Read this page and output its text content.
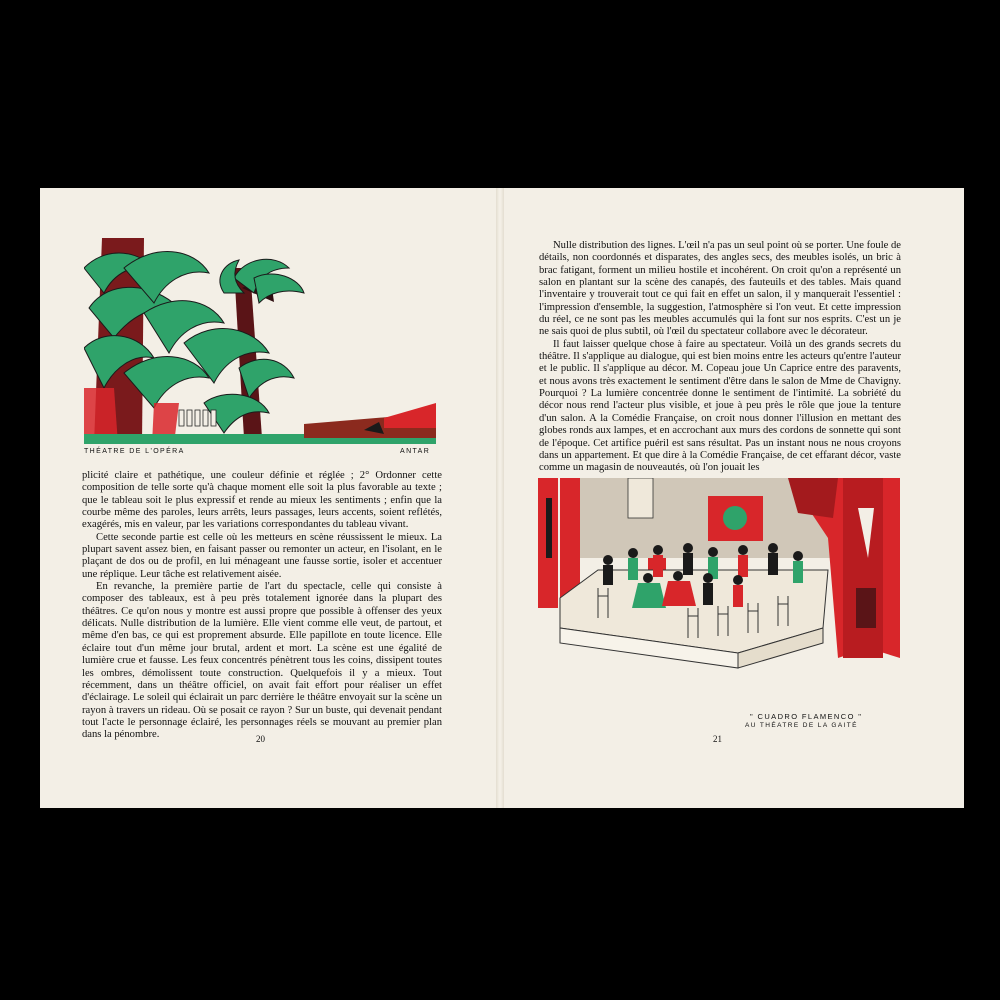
THÉATRE DE L'OPÉRA	ANTAR

plicité claire et pathétique, une couleur définie et réglée ; 2° Ordonner cette composition de telle sorte qu'à chaque moment elle soit la plus favorable au texte ; que le tableau soit le plus expressif et rende au mieux les sentiments ; enfin que la courbe même des paroles, leurs arrêts, leurs passages, leurs accents, soient reflétés, exagérés, mis en valeur, par les variations correspondantes du tableau vivant.

Cette seconde partie est celle où les metteurs en scène réussissent le mieux. La plupart savent assez bien, en faisant passer ou remonter un acteur, en l'isolant, en le plaçant de dos ou de profil, en lui ménageant une fausse sortie, isoler et accentuer une réplique. Leur tâche est relativement aisée.

En revanche, la première partie de l'art du spectacle, celle qui consiste à composer des tableaux, est à peu près totalement ignorée dans la plupart des théâtres. Ce qu'on nous y montre est aussi propre que possible à offenser des yeux délicats. Nulle distribution de la lumière. Elle vient comme elle veut, de partout, et même d'en bas, ce qui est proprement absurde. Elle papillote en toute licence. Elle éclaire tout d'un même jour brutal, ardent et mort. La scène est une égalité de lumière crue et fausse. Les feux concentrés pénètrent tous les coins, dissipent toutes les ombres, démolissent toute construction. Quelquefois il y a mieux. Tout récemment, dans un théâtre officiel, on avait fait effort pour réaliser un effet d'éclairage. Le soleil qui éclairait un parc derrière le théâtre envoyait sur la scène un rayon à travers un rideau. Où se posait ce rayon ? Sur un buste, qui devenait pendant tout l'acte le personnage éclairé, les personnages réels se mouvant au premier plan dans la pénombre.	20

Nulle distribution des lignes. L'œil n'a pas un seul point où se porter. Une foule de détails, non coordonnés et disparates, des angles secs, des meubles isolés, un bric à brac fatigant, forment un milieu hostile et incohérent. On croit qu'on a représenté un salon en plantant sur la scène des canapés, des fauteuils et des tables. Mais quand l'inventaire y trouverait tout ce qui fait en effet un salon, il y manquerait l'essentiel : l'impression d'ensemble, la suggestion, l'atmosphère si l'on veut. Et cette impression du réel, ce ne sont pas les meubles accumulés qui la font sur nos esprits. C'est un je ne sais quoi de plus subtil, où l'œil du spectateur collabore avec le décorateur.

Il faut laisser quelque chose à faire au spectateur. Voilà un des grands secrets du théâtre. Il s'applique au dialogue, qui est bien moins entre les acteurs qu'entre l'auteur et le public. Il s'applique au décor. M. Copeau joue Un Caprice entre des paravents, et nous avons très exactement le sentiment d'être dans le salon de Mme de Chavigny. Pourquoi ? La lumière concentrée donne le sentiment de l'intimité. La sobriété du décor nous rend l'acteur plus visible, et joue à peu près le rôle que joue la tenture d'un salon. A la Comédie Française, on croit nous donner l'illusion en mettant des globes ronds aux lampes, et en accrochant aux murs des cordons de sonnette qui sont de l'époque. Cet artifice puéril est sans résultat. Pas un instant nous ne nous croyons dans un appartement. Et que dire à la Comédie Française, de cet effarant décor, vaste comme un magasin de nouveautés, où l'on jouait les

" CUADRO FLAMENCO "
AU THÉATRE DE LA GAITÉ
21
